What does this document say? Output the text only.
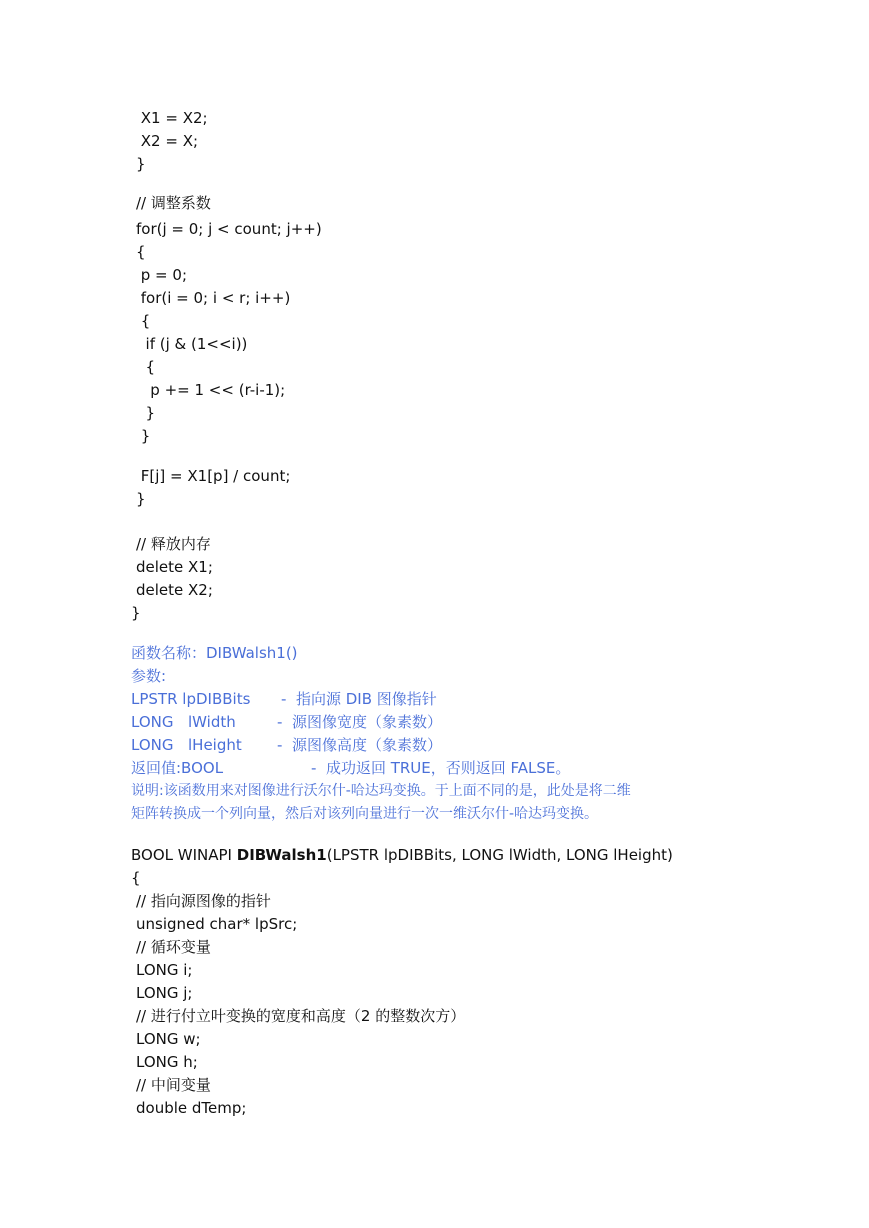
X1 = X2;
X2 = X;
}
// 调整系数
for(j = 0; j < count; j++)
{
p = 0;
for(i = 0; i < r; i++)
{
if (j & (1<<i))
{
p += 1 << (r-i-1);
}
}
F[j] = X1[p] / count;
}
// 释放内存
delete X1;
delete X2;
}
函数名称：DIBWalsh1()
参数:
LPSTR lpDIBBits -  指向源 DIB 图像指针
LONG lWidth	-  源图像宽度（象素数）
LONG lHeight -  源图像高度（象素数）
返回值:BOOL	-  成功返回 TRUE，否则返回 FALSE。
说明:该函数用来对图像进行沃尔什-哈达玛变换。于上面不同的是，此处是将二维
矩阵转换成一个列向量，然后对该列向量进行一次一维沃尔什-哈达玛变换。
BOOL WINAPI DIBWalsh1(LPSTR lpDIBBits, LONG lWidth, LONG lHeight)
{
// 指向源图像的指针
unsigned char* lpSrc;
// 循环变量
LONG i;
LONG j;
// 进行付立叶变换的宽度和高度（2 的整数次方）
LONG w;
LONG h;
// 中间变量
double dTemp;
